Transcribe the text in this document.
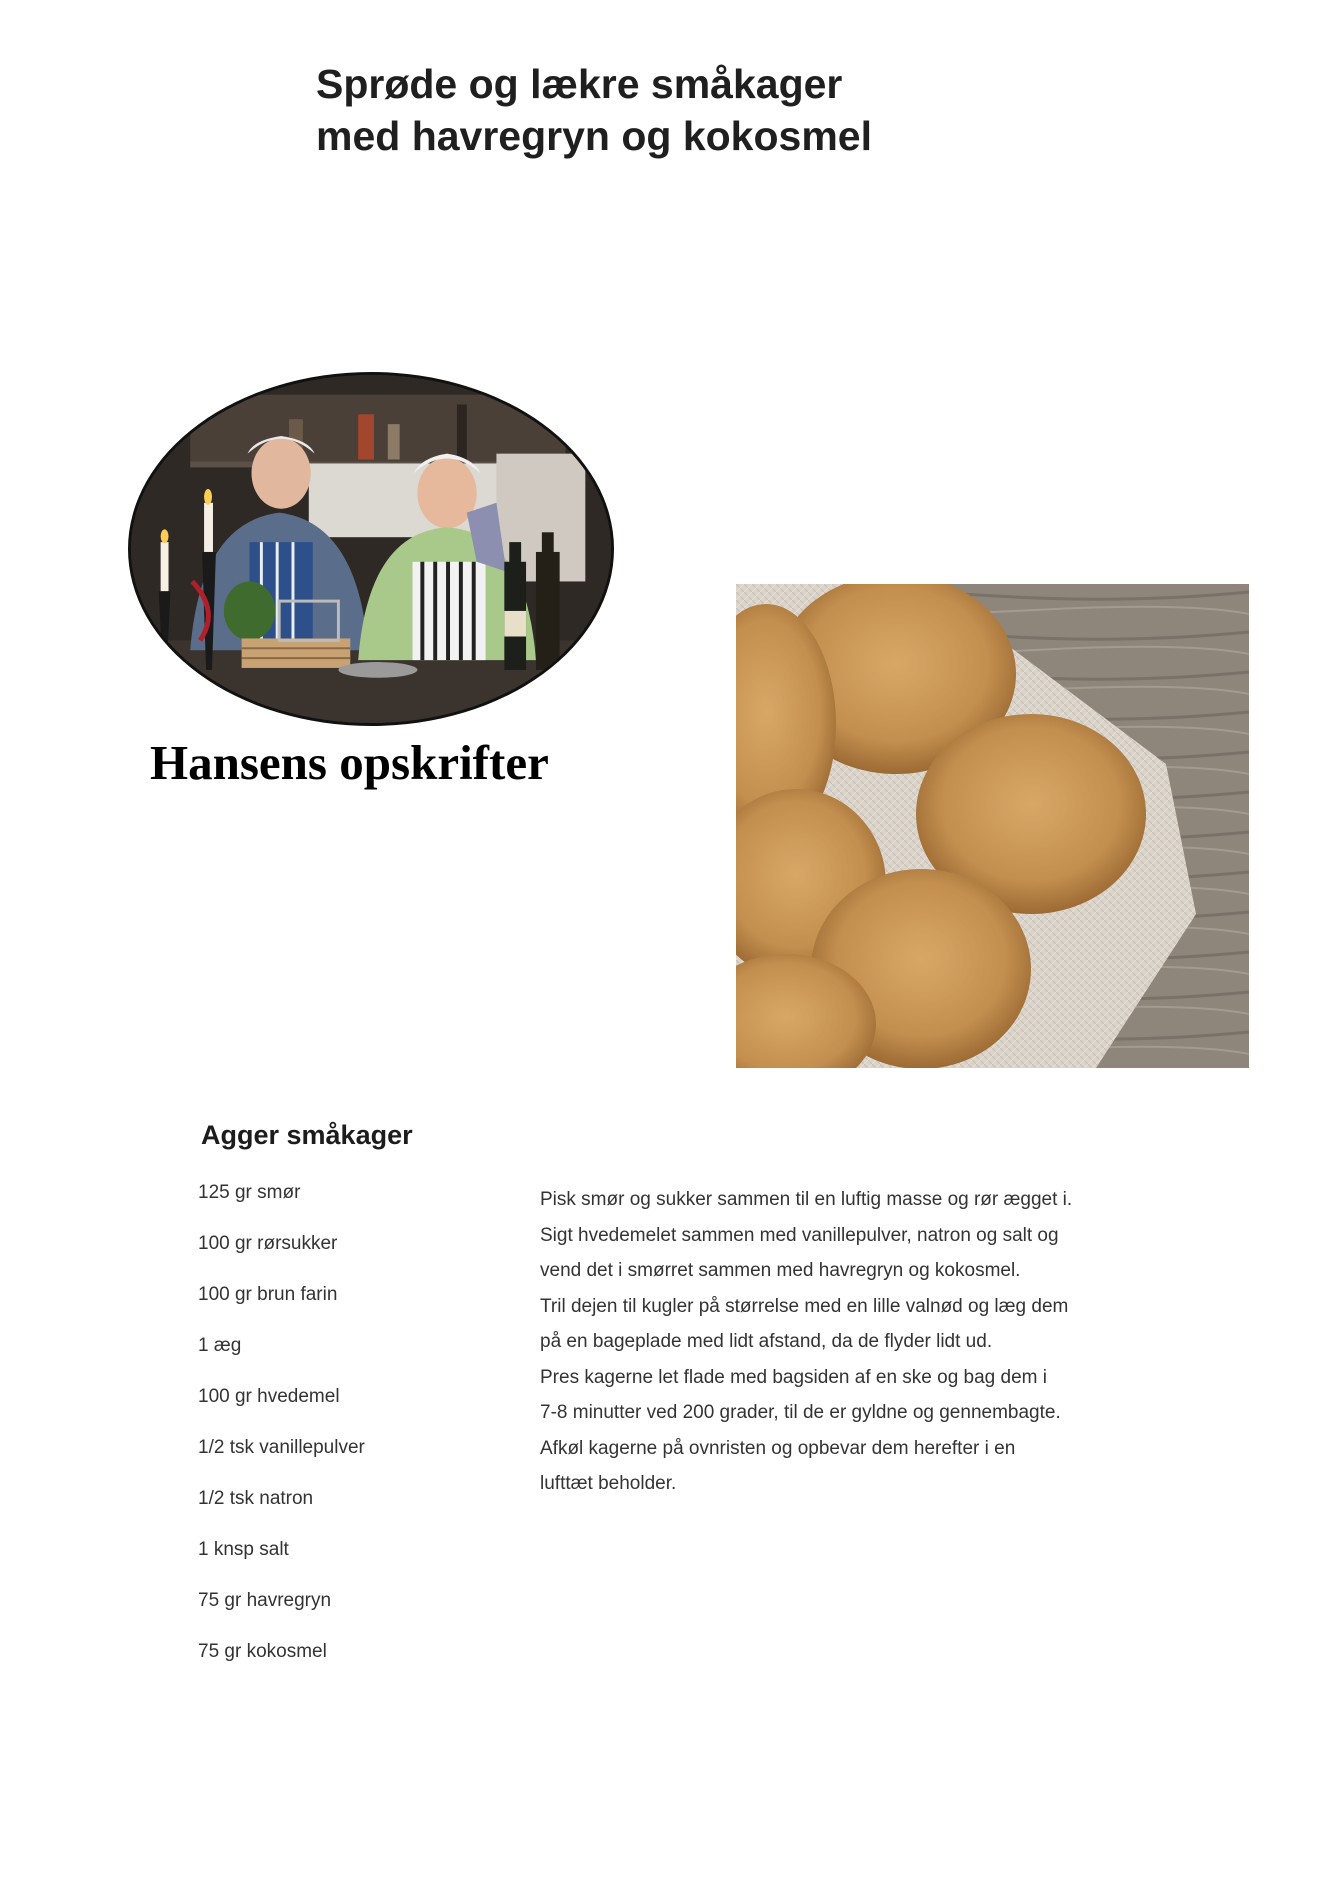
Sprøde og lækre småkager
med havregryn og kokosmel
Hansens opskrifter
Agger småkager
125 gr smør
100 gr rørsukker
100 gr brun farin
1 æg
100 gr hvedemel
1/2 tsk vanillepulver
1/2 tsk natron
1 knsp salt
75 gr havregryn
75 gr kokosmel
Pisk smør og sukker sammen til en luftig masse og rør ægget i.
Sigt hvedemelet sammen med vanillepulver, natron og salt og
vend det i smørret sammen med havregryn og kokosmel.
Tril dejen til kugler på størrelse med en lille valnød og læg dem
på en bageplade med lidt afstand, da de flyder lidt ud.
Pres kagerne let flade med bagsiden af en ske og bag dem i
7-8 minutter ved 200 grader, til de er gyldne og gennembagte.
Afkøl kagerne på ovnristen og opbevar dem herefter i en
lufttæt beholder.
